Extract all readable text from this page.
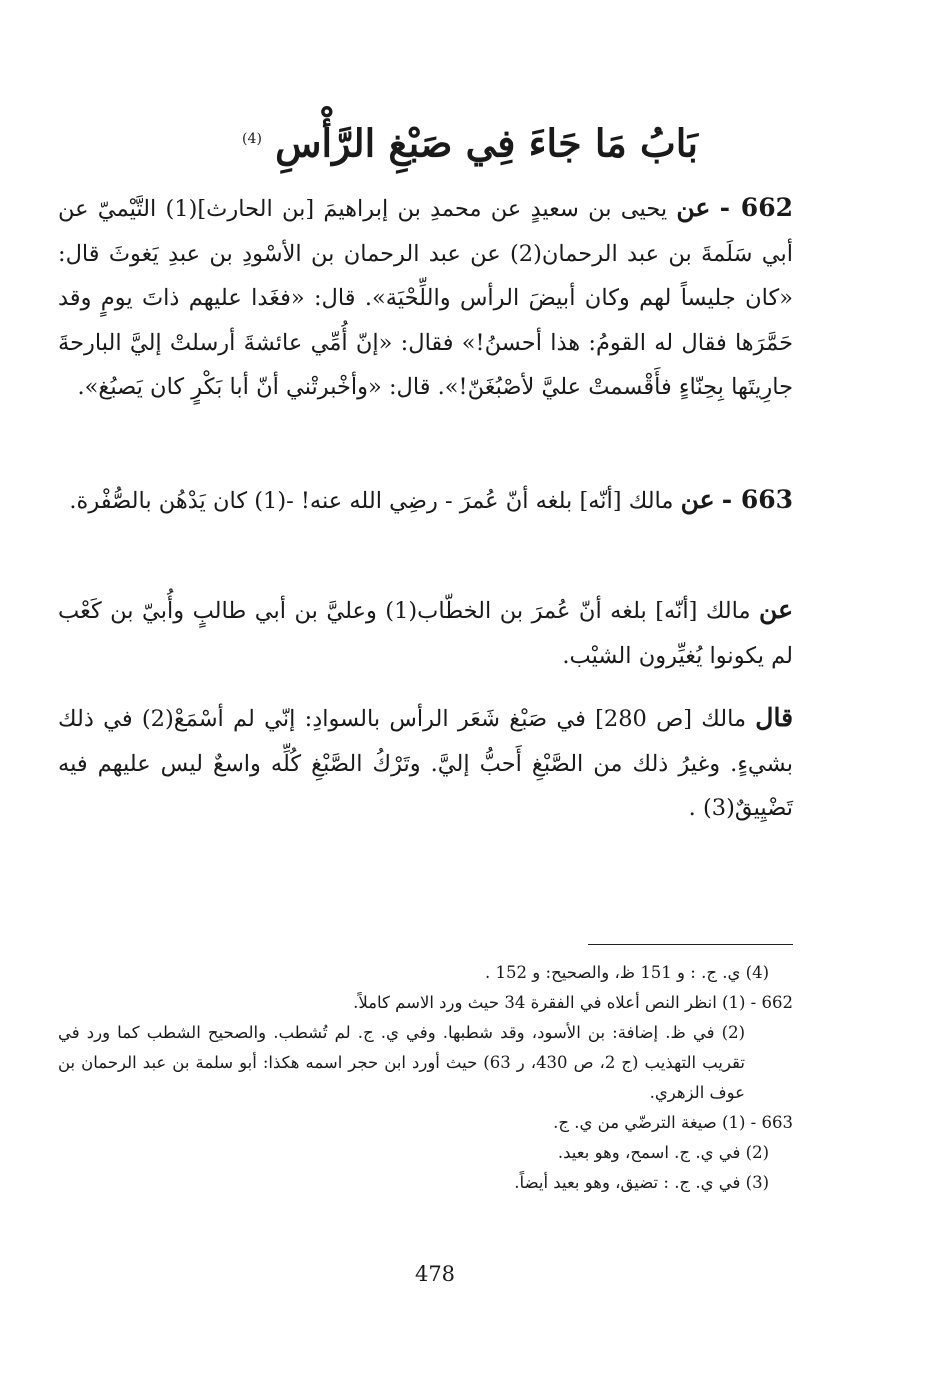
بَابُ مَا جَاءَ فِي صَبْغِ الرَّأْسِ $^{(4)}$
662 - عن يحيى بن سعيدٍ عن محمدِ بن إبراهيمَ [بن الحارث](1) التَّيْميّ عن أبي سَلَمةَ بن عبد الرحمان(2) عن عبد الرحمان بن الأسْودِ بن عبدِ يَغوثَ قال: «كان جليساً لهم وكان أبيضَ الرأس واللِّحْيَة». قال: «فغَدا عليهم ذاتَ يومٍ وقد حَمَّرَها فقال له القومُ: هذا أحسنُ!» فقال: «إنّ أُمِّي عائشةَ أرسلتْ إليَّ البارحةَ جارِيتَها بِحِنّاءٍ فأَقْسمتْ عليَّ لأصْبُغَنّ!». قال: «وأخْبرتْني أنّ أبا بَكْرٍ كان يَصبُغ».
663 - عن مالك [أنّه] بلغه أنّ عُمرَ - رضِي الله عنه! -(1) كان يَدْهُن بالصُّفْرة.
عن مالك [أنّه] بلغه أنّ عُمرَ بن الخطّاب(1) وعليَّ بن أبي طالبٍ وأُبيّ بن كَعْب لم يكونوا يُغيِّرون الشيْب.
قال مالك [ص 280] في صَبْغ شَعَر الرأس بالسوادِ: إنّي لم أسْمَعْ(2) في ذلك بشيءٍ. وغيرُ ذلك من الصَّبْغِ أَحبُّ إليَّ. وتَرْكُ الصَّبْغِ كُلِّه واسعٌ ليس عليهم فيه تَضْيِيقٌ(3) .
(4) ي. ج. : و 151 ظ، والصحيح: و 152 .
662 - (1) انظر النص أعلاه في الفقرة 34 حيث ورد الاسم كاملاً.
(2) في ظ. إضافة: بن الأسود، وقد شطبها. وفي ي. ج. لم تُشطب. والصحيح الشطب كما ورد في تقريب التهذيب (ج 2، ص 430، ر 63) حيث أورد ابن حجر اسمه هكذا: أبو سلمة بن عبد الرحمان بن عوف الزهري.
663 - (1) صيغة الترضّي من ي. ج.
(2) في ي. ج. اسمح، وهو بعيد.
(3) في ي. ج. : تضيق، وهو بعيد أيضاً.
478
